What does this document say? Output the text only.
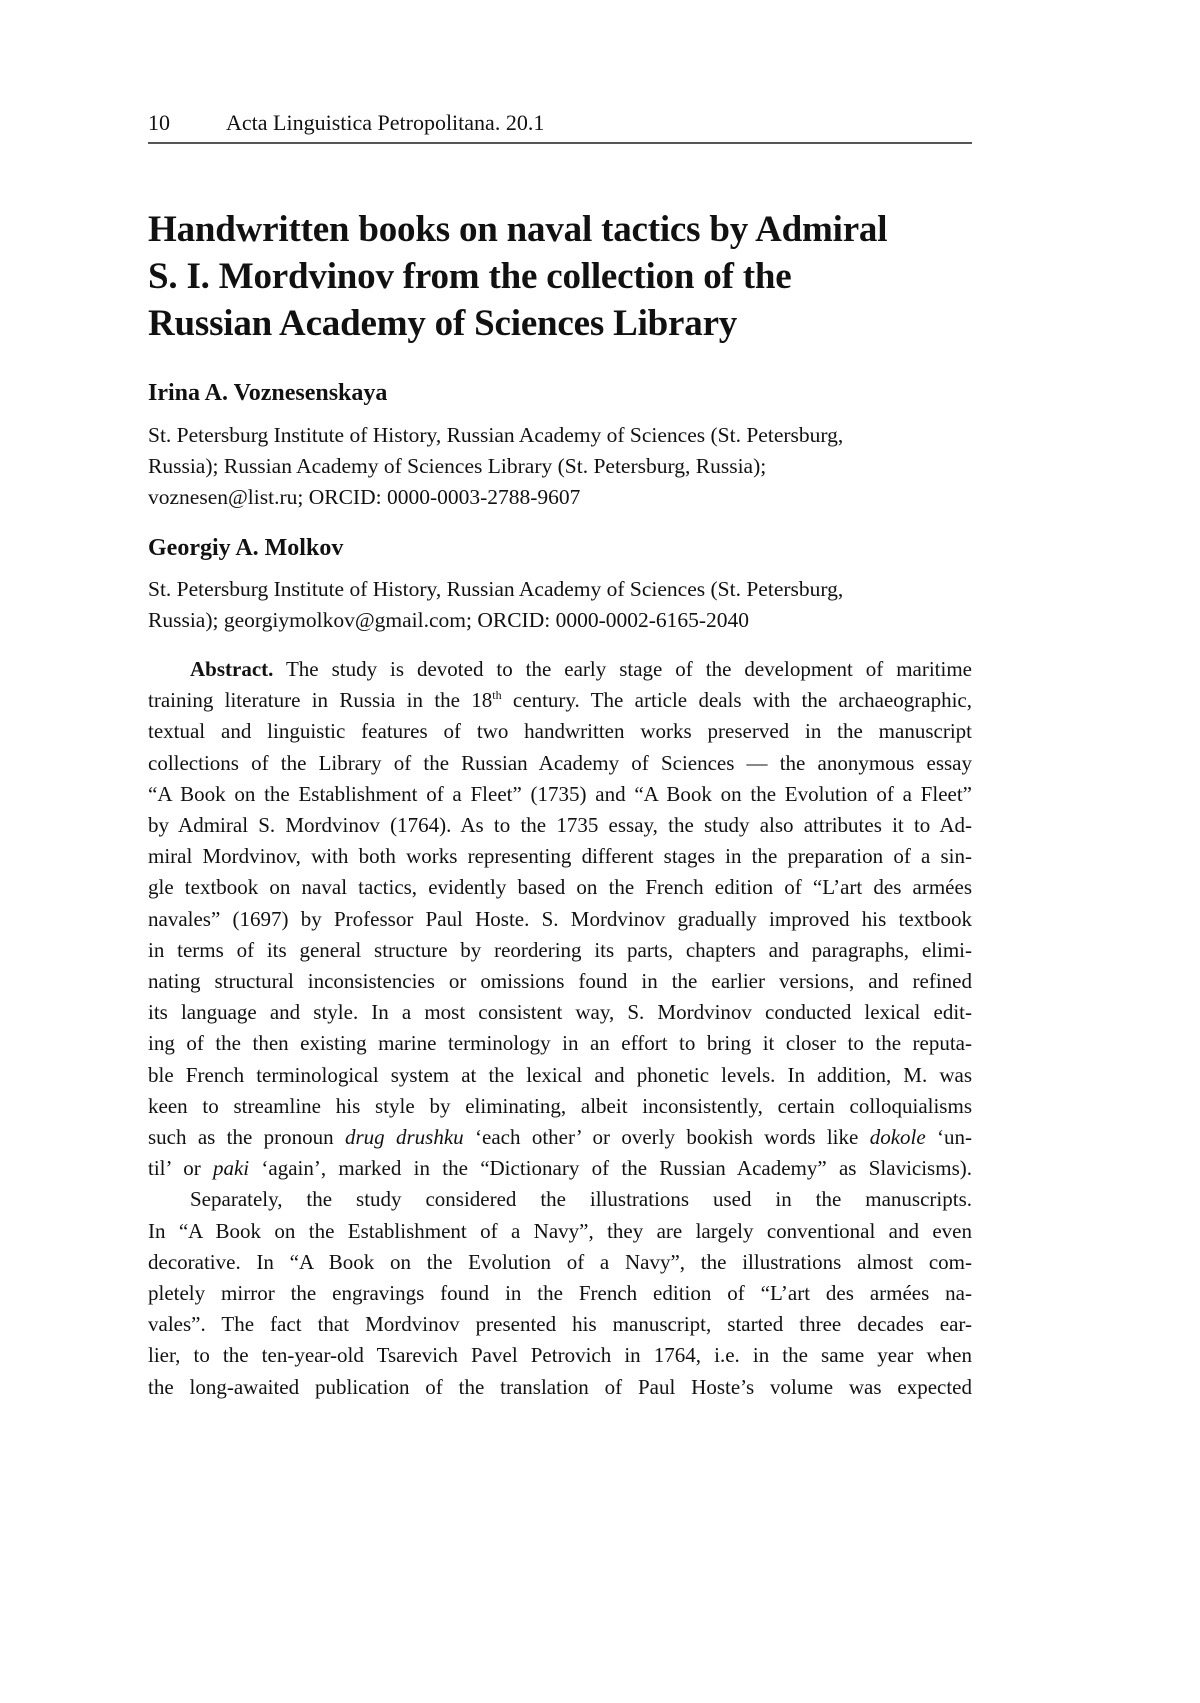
10	Acta Linguistica Petropolitana. 20.1
Handwritten books on naval tactics by Admiral
S. I. Mordvinov from the collection of the
Russian Academy of Sciences Library
Irina A. Voznesenskaya
St. Petersburg Institute of History, Russian Academy of Sciences (St. Petersburg,
Russia); Russian Academy of Sciences Library (St. Petersburg, Russia);
voznesen@list.ru; ORCID: 0000-0003-2788-9607
Georgiy A. Molkov
St. Petersburg Institute of History, Russian Academy of Sciences (St. Petersburg,
Russia); georgiymolkov@gmail.com; ORCID: 0000-0002-6165-2040
Abstract. The study is devoted to the early stage of the development of maritime
training literature in Russia in the 18th century. The article deals with the archaeographic,
textual and linguistic features of two handwritten works preserved in the manuscript
collections of the Library of the Russian Academy of Sciences — the anonymous essay
“A Book on the Establishment of a Fleet” (1735) and “A Book on the Evolution of a Fleet”
by Admiral S. Mordvinov (1764). As to the 1735 essay, the study also attributes it to Ad-
miral Mordvinov, with both works representing different stages in the preparation of a sin-
gle textbook on naval tactics, evidently based on the French edition of “L’art des armées
navales” (1697) by Professor Paul Hoste. S. Mordvinov gradually improved his textbook
in terms of its general structure by reordering its parts, chapters and paragraphs, elimi-
nating structural inconsistencies or omissions found in the earlier versions, and refined
its language and style. In a most consistent way, S. Mordvinov conducted lexical edit-
ing of the then existing marine terminology in an effort to bring it closer to the reputa-
ble French terminological system at the lexical and phonetic levels. In addition, M. was
keen to streamline his style by eliminating, albeit inconsistently, certain colloquialisms
such as the pronoun drug drushku ‘each other’ or overly bookish words like dokole ‘un-
til’ or paki ‘again’, marked in the “Dictionary of the Russian Academy” as Slavicisms).
Separately, the study considered the illustrations used in the manuscripts.
In “A Book on the Establishment of a Navy”, they are largely conventional and even
decorative. In “A Book on the Evolution of a Navy”, the illustrations almost com-
pletely mirror the engravings found in the French edition of “L’art des armées na-
vales”. The fact that Mordvinov presented his manuscript, started three decades ear-
lier, to the ten-year-old Tsarevich Pavel Petrovich in 1764, i.e. in the same year when
the long-awaited publication of the translation of Paul Hoste’s volume was expected
